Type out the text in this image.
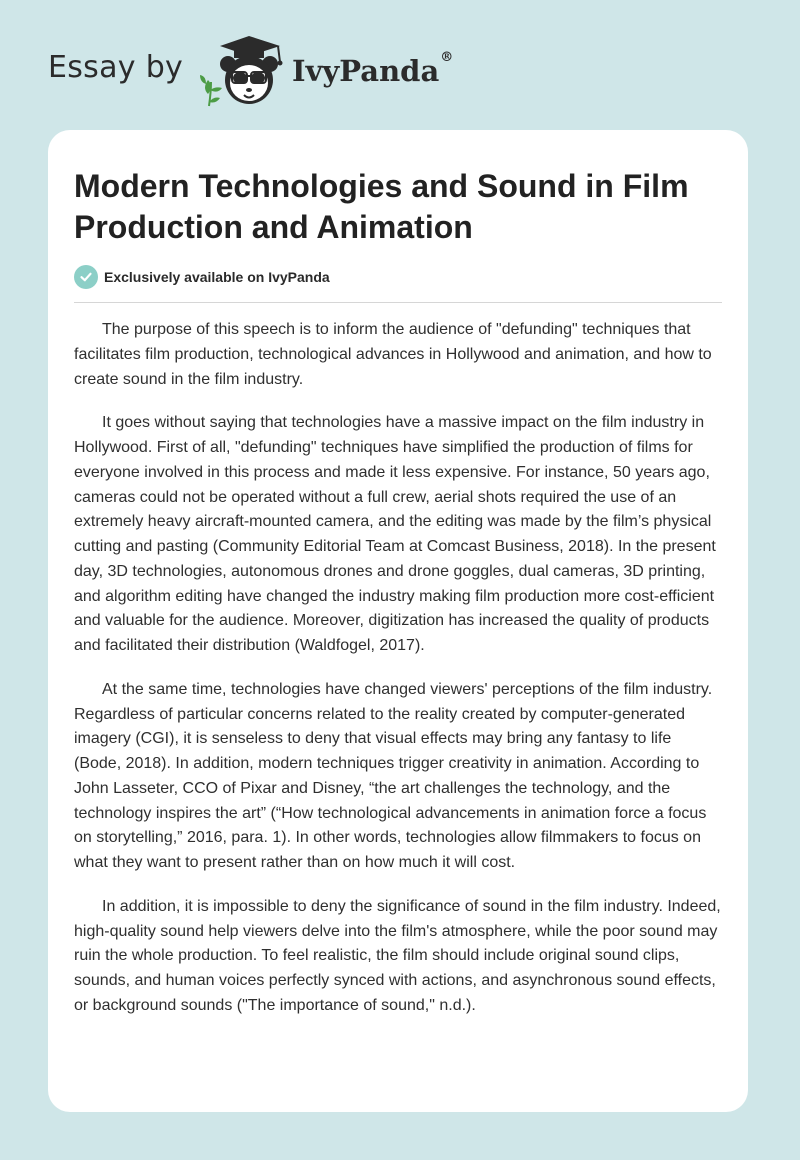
Essay by	IvyPanda®
Modern Technologies and Sound in Film Production and Animation
Exclusively available on IvyPanda

The purpose of this speech is to inform the audience of "defunding" techniques that facilitates film production, technological advances in Hollywood and animation, and how to create sound in the film industry.

It goes without saying that technologies have a massive impact on the film industry in Hollywood. First of all, "defunding" techniques have simplified the production of films for everyone involved in this process and made it less expensive. For instance, 50 years ago, cameras could not be operated without a full crew, aerial shots required the use of an extremely heavy aircraft-mounted camera, and the editing was made by the film’s physical cutting and pasting (Community Editorial Team at Comcast Business, 2018). In the present day, 3D technologies, autonomous drones and drone goggles, dual cameras, 3D printing, and algorithm editing have changed the industry making film production more cost-efficient and valuable for the audience. Moreover, digitization has increased the quality of products and facilitated their distribution (Waldfogel, 2017).

At the same time, technologies have changed viewers' perceptions of the film industry. Regardless of particular concerns related to the reality created by computer-generated imagery (CGI), it is senseless to deny that visual effects may bring any fantasy to life (Bode, 2018). In addition, modern techniques trigger creativity in animation. According to John Lasseter, CCO of Pixar and Disney, “the art challenges the technology, and the technology inspires the art” (“How technological advancements in animation force a focus on storytelling,” 2016, para. 1). In other words, technologies allow filmmakers to focus on what they want to present rather than on how much it will cost.

In addition, it is impossible to deny the significance of sound in the film industry. Indeed, high-quality sound help viewers delve into the film's atmosphere, while the poor sound may ruin the whole production. To feel realistic, the film should include original sound clips, sounds, and human voices perfectly synced with actions, and asynchronous sound effects, or background sounds ("The importance of sound," n.d.).
